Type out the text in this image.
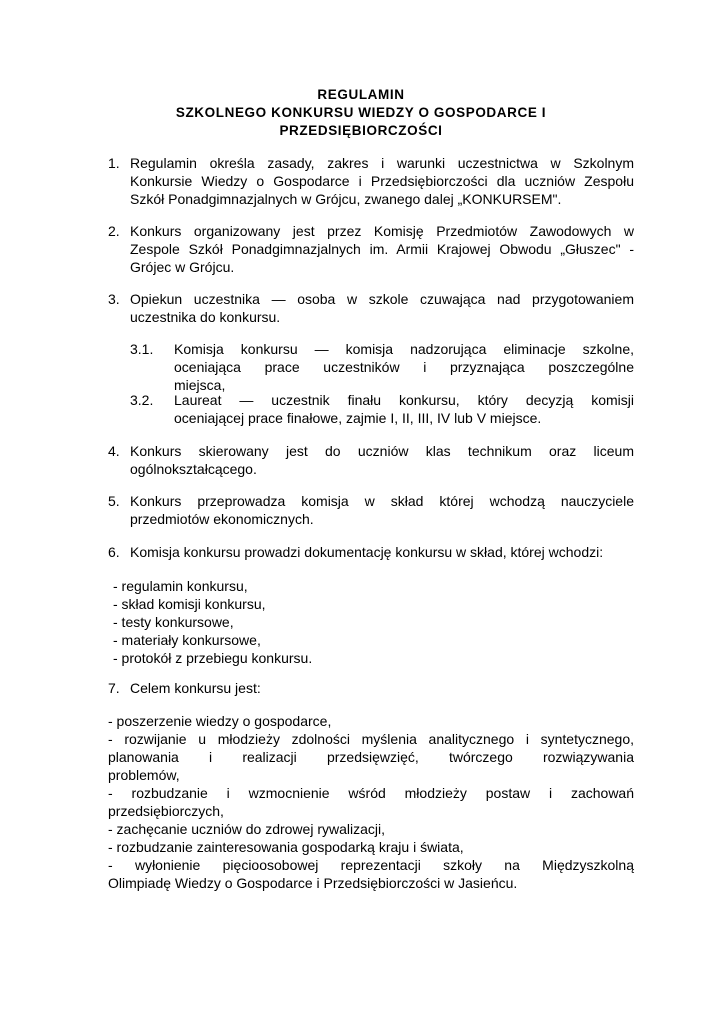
REGULAMIN
SZKOLNEGO KONKURSU WIEDZY O GOSPODARCE I
PRZEDSIĘBIORCZOŚCI
1. Regulamin określa zasady, zakres i warunki uczestnictwa w Szkolnym
Konkursie Wiedzy o Gospodarce i Przedsiębiorczości dla uczniów Zespołu
Szkół Ponadgimnazjalnych w Grójcu, zwanego dalej „KONKURSEM".
2. Konkurs organizowany jest przez Komisję Przedmiotów Zawodowych w
Zespole Szkół Ponadgimnazjalnych im. Armii Krajowej Obwodu „Głuszec" -
Grójec w Grójcu.
3. Opiekun uczestnika — osoba w szkole czuwająca nad przygotowaniem
uczestnika do konkursu.
3.1. Komisja konkursu — komisja nadzorująca eliminacje szkolne,
oceniająca prace uczestników i przyznająca poszczególne
miejsca,
3.2. Laureat — uczestnik finału konkursu, który decyzją komisji
oceniającej prace finałowe, zajmie I, II, III, IV lub V miejsce.
4. Konkurs skierowany jest do uczniów klas technikum oraz liceum
ogólnokształcącego.
5. Konkurs przeprowadza komisja w skład której wchodzą nauczyciele
przedmiotów ekonomicznych.
6. Komisja konkursu prowadzi dokumentację konkursu w skład, której wchodzi:
- regulamin konkursu,
- skład komisji konkursu,
- testy konkursowe,
- materiały konkursowe,
- protokół z przebiegu konkursu.
7. Celem konkursu jest:
- poszerzenie wiedzy o gospodarce,
- rozwijanie u młodzieży zdolności myślenia analitycznego i syntetycznego,
planowania i realizacji przedsięwzięć, twórczego rozwiązywania
problemów,
- rozbudzanie i wzmocnienie wśród młodzieży postaw i zachowań
przedsiębiorczych,
- zachęcanie uczniów do zdrowej rywalizacji,
- rozbudzanie zainteresowania gospodarką kraju i świata,
- wyłonienie pięcioosobowej reprezentacji szkoły na Międzyszkolną
Olimpiadę Wiedzy o Gospodarce i Przedsiębiorczości w Jasieńcu.
